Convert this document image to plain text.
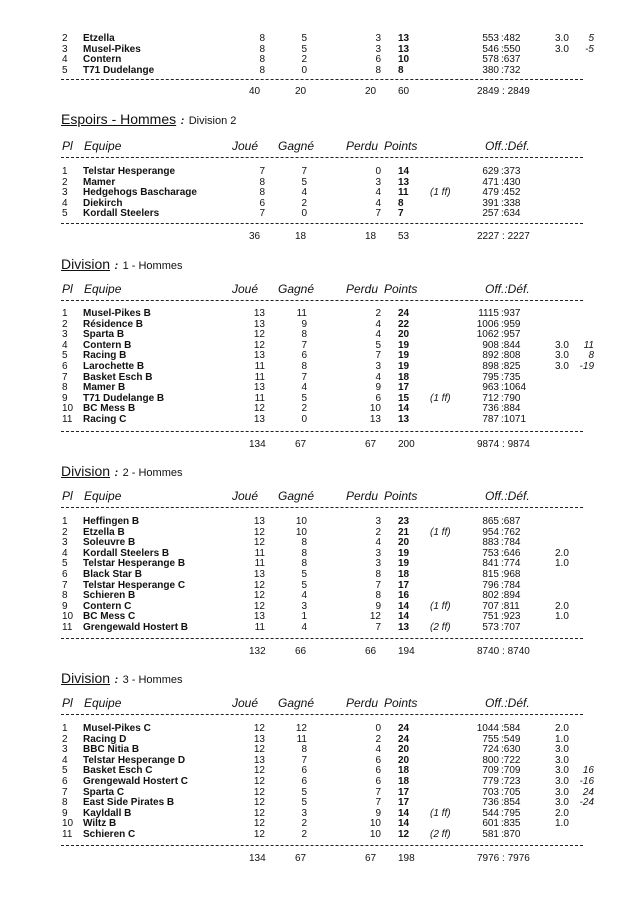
2 Etzella	8	5	3 13	553 :482	3.0 5
3 Musel-Pikes	8	5	3 13	546 :550	3.0 -5
4 Contern	8	2	6 10	578 :637
5 T71 Dudelange	8	0	8 8	380 :732
40	20	20 60	2849 : 2849
Espoirs - Hommes : Division 2
Pl Equipe	Joué Gagné	Perdu Points	Off.:Déf.
1 Telstar Hesperange	7	7	0 14	629 :373
2 Mamer	8	5	3 13	471 :430
3 Hedgehogs Bascharage	8	4	4 11 (1 ff)	479 :452
4 Diekirch	6	2	4 8	391 :338
5 Kordall Steelers	7	0	7 7	257 :634
36	18	18 53	2227 : 2227
Division : 1 - Hommes
Pl Equipe	Joué Gagné	Perdu Points	Off.:Déf.
1 Musel-Pikes B	13	11	2 24	1115 :937
2 Résidence B	13	9	4 22	1006 :959
3 Sparta B	12	8	4 20	1062 :957
4 Contern B	12	7	5 19	908 :844	3.0 11
5 Racing B	13	6	7 19	892 :808	3.0 8
6 Larochette B	11	8	3 19	898 :825	3.0 -19
7 Basket Esch B	11	7	4 18	795 :735
8 Mamer B	13	4	9 17	963 :1064
9 T71 Dudelange B	11	5	6 15 (1 ff)	712 :790
10 BC Mess B	12	2	10 14	736 :884
11 Racing C	13	0	13 13	787 :1071
134	67	67 200	9874 : 9874
Division : 2 - Hommes
Pl Equipe	Joué Gagné	Perdu Points	Off.:Déf.
1 Heffingen B	13	10	3 23	865 :687
2 Etzella B	12	10	2 21 (1 ff)	954 :762
3 Soleuvre B	12	8	4 20	883 :784
4 Kordall Steelers B	11	8	3 19	753 :646	2.0
5 Telstar Hesperange B	11	8	3 19	841 :774	1.0
6 Black Star B	13	5	8 18	815 :968
7 Telstar Hesperange C	12	5	7 17	796 :784
8 Schieren B	12	4	8 16	802 :894
9 Contern C	12	3	9 14 (1 ff)	707 :811	2.0
10 BC Mess C	13	1	12 14	751 :923	1.0
11 Grengewald Hostert B	11	4	7 13 (2 ff)	573 :707
132	66	66 194	8740 : 8740
Division : 3 - Hommes
Pl Equipe	Joué Gagné	Perdu Points	Off.:Déf.
1 Musel-Pikes C	12	12	0 24	1044 :584	2.0
2 Racing D	13	11	2 24	755 :549	1.0
3 BBC Nitia B	12	8	4 20	724 :630	3.0
4 Telstar Hesperange D	13	7	6 20	800 :722	3.0
5 Basket Esch C	12	6	6 18	709 :709	3.0 16
6 Grengewald Hostert C	12	6	6 18	779 :723	3.0 -16
7 Sparta C	12	5	7 17	703 :705	3.0 24
8 East Side Pirates B	12	5	7 17	736 :854	3.0 -24
9 Kayldall B	12	3	9 14 (1 ff)	544 :795	2.0
10 Wiltz B	12	2	10 14	601 :835	1.0
11 Schieren C	12	2	10 12 (2 ff)	581 :870
134	67	67 198	7976 : 7976
